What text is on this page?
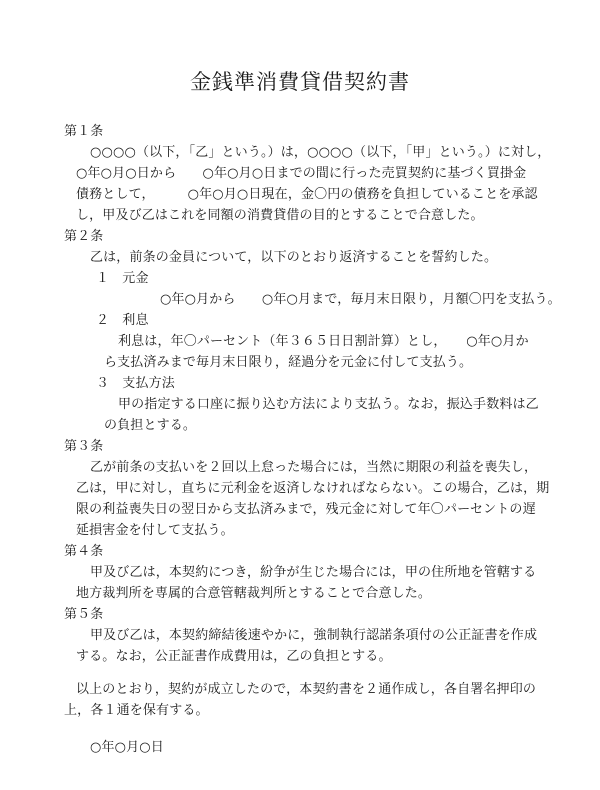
金銭準消費貸借契約書
第１条
○○○○（以下，「乙」という。）は，○○○○（以下，「甲」という。）に対し，
○年○月○日から　　○年○月○日までの間に行った売買契約に基づく買掛金
債務として，　　　○年○月○日現在，金〇円の債務を負担していることを承認
し，甲及び乙はこれを同額の消費貸借の目的とすることで合意した。
第２条
乙は，前条の金員について，以下のとおり返済することを誓約した。
１　元金
○年○月から　　○年○月まで，毎月末日限り，月額〇円を支払う。
２　利息
利息は，年〇パーセント（年３６５日日割計算）とし，　　○年○月か
ら支払済みまで毎月末日限り，経過分を元金に付して支払う。
３　支払方法
甲の指定する口座に振り込む方法により支払う。なお，振込手数料は乙
の負担とする。
第３条
乙が前条の支払いを２回以上怠った場合には，当然に期限の利益を喪失し，
乙は，甲に対し，直ちに元利金を返済しなければならない。この場合，乙は，期
限の利益喪失日の翌日から支払済みまで，残元金に対して年〇パーセントの遅
延損害金を付して支払う。
第４条
甲及び乙は，本契約につき，紛争が生じた場合には，甲の住所地を管轄する
地方裁判所を専属的合意管轄裁判所とすることで合意した。
第５条
甲及び乙は，本契約締結後速やかに，強制執行認諾条項付の公正証書を作成
する。なお，公正証書作成費用は，乙の負担とする。
以上のとおり，契約が成立したので，本契約書を２通作成し，各自署名押印の
上，各１通を保有する。
○年○月○日
